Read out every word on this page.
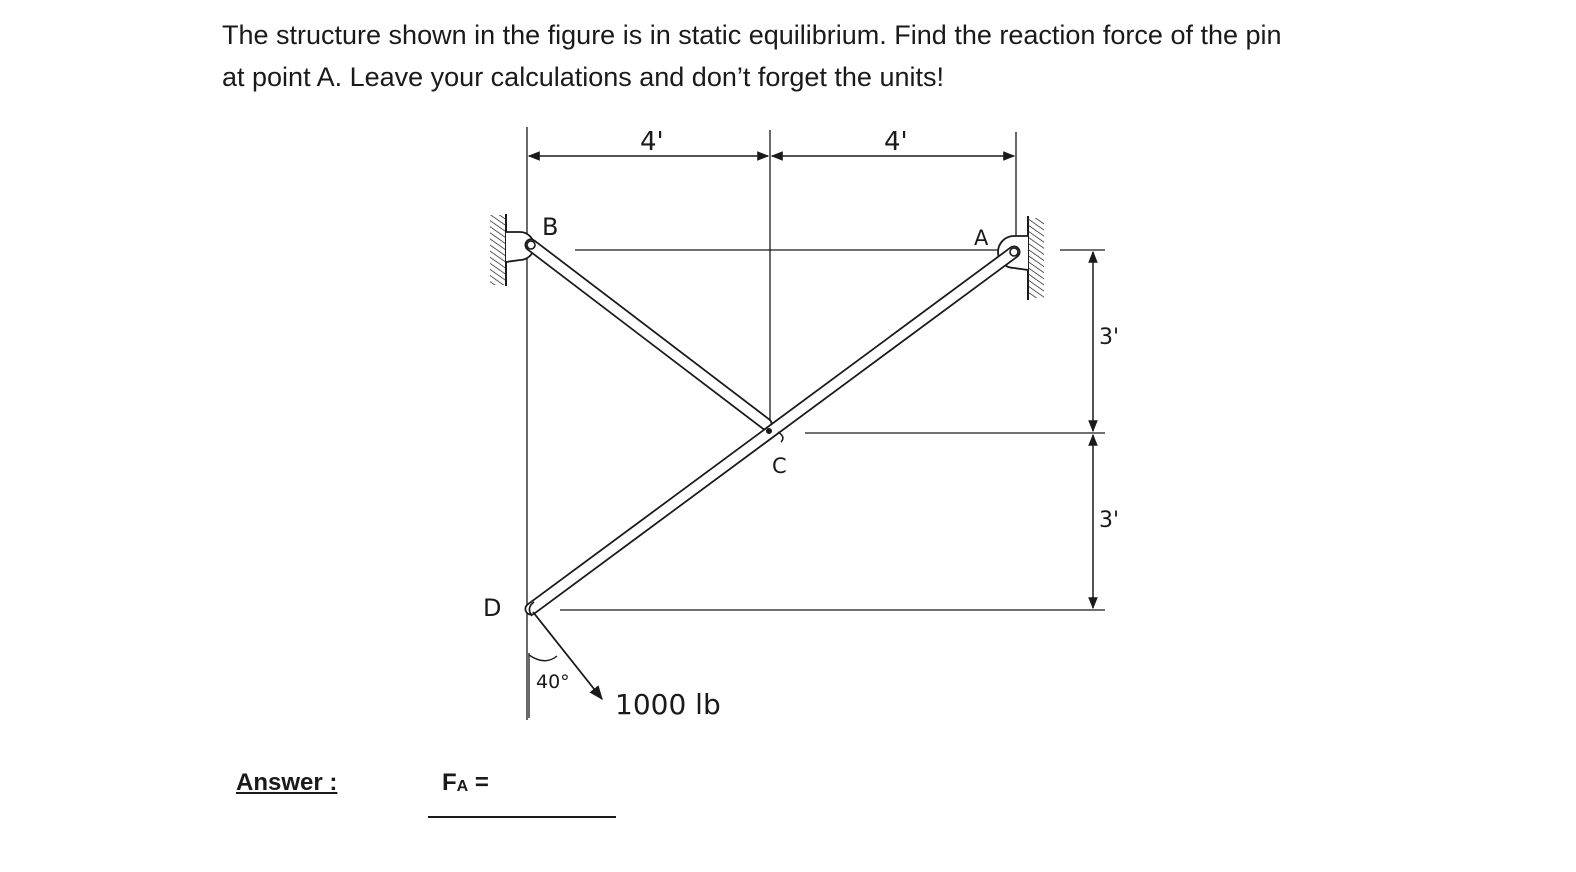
The structure shown in the figure is in static equilibrium. Find the reaction force of the pin
at point A. Leave your calculations and don’t forget the units!
B	A
C
D
4'	4'
3'
3'
40°
1000 lb
Answer :	$F_A$ =
